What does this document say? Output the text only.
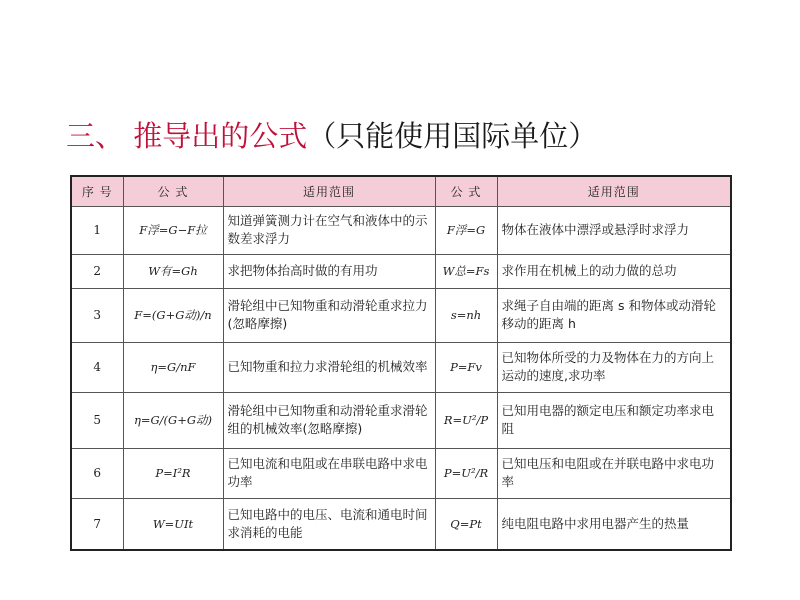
三、 推导出的公式（只能使用国际单位）
序 号	公 式	适用范围	公 式	适用范围
1	F浮=G−F拉	知道弹簧测力计在空气和液体中的示数差求浮力	F浮=G	物体在液体中漂浮或悬浮时求浮力
2	W有=Gh	求把物体抬高时做的有用功	W总=Fs	求作用在机械上的动力做的总功
3	F=(G+G动)/n	滑轮组中已知物重和动滑轮重求拉力(忽略摩擦)	s=nh	求绳子自由端的距离 s 和物体或动滑轮移动的距离 h
4	η=G/nF	已知物重和拉力求滑轮组的机械效率	P=Fv	已知物体所受的力及物体在力的方向上运动的速度,求功率
5	η=G/(G+G动)	滑轮组中已知物重和动滑轮重求滑轮组的机械效率(忽略摩擦)	R=U²/P	已知用电器的额定电压和额定功率求电阻
6	P=I²R	已知电流和电阻或在串联电路中求电功率	P=U²/R	已知电压和电阻或在并联电路中求电功率
7	W=UIt	已知电路中的电压、电流和通电时间求消耗的电能	Q=Pt	纯电阻电路中求用电器产生的热量
